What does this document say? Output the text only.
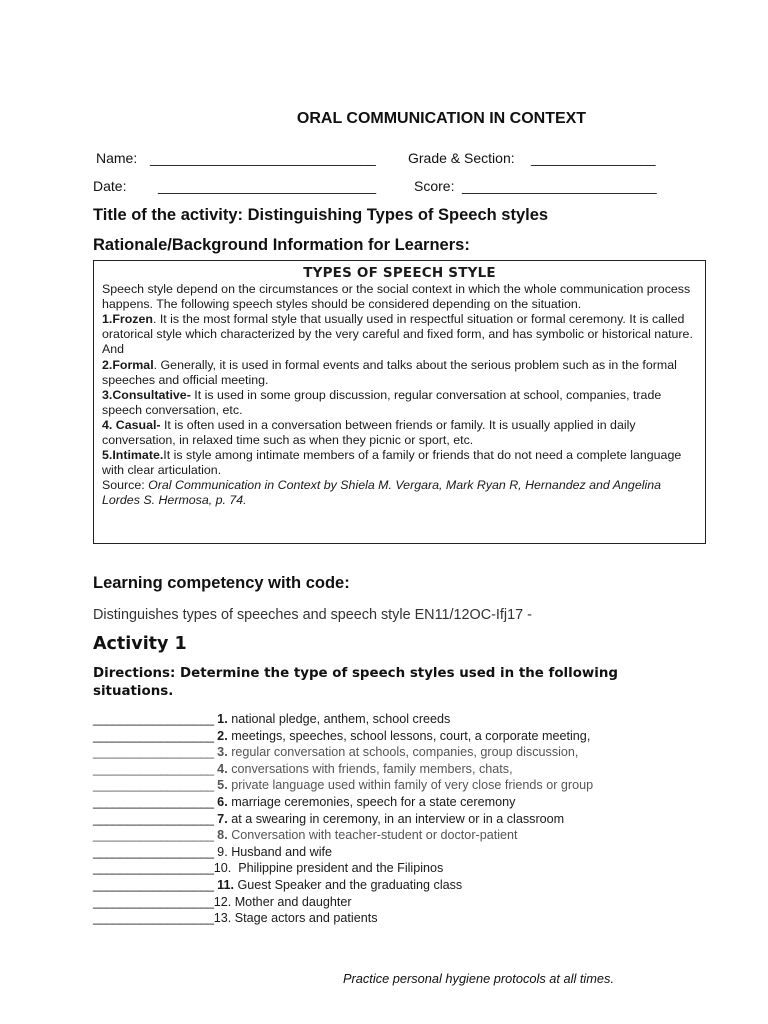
ORAL COMMUNICATION IN CONTEXT
Name: _____________________________ Grade & Section: ________________
Date: ____________________________	Score: _________________________
Title of the activity: Distinguishing Types of Speech styles
Rationale/Background Information for Learners:
TYPES OF SPEECH STYLE

Speech style depend on the circumstances or the social context in which the whole communication process happens. The following speech styles should be considered depending on the situation.

1.Frozen. It is the most formal style that usually used in respectful situation or formal ceremony. It is called oratorical style which characterized by the very careful and fixed form, and has symbolic or historical nature. And

2.Formal. Generally, it is used in formal events and talks about the serious problem such as in the formal speeches and official meeting.

3.Consultative- It is used in some group discussion, regular conversation at school, companies, trade speech conversation, etc.

4. Casual- It is often used in a conversation between friends or family. It is usually applied in daily conversation, in relaxed time such as when they picnic or sport, etc.

5.Intimate.It is style among intimate members of a family or friends that do not need a complete language with clear articulation.

Source: Oral Communication in Context by Shiela M. Vergara, Mark Ryan R, Hernandez and Angelina Lordes S. Hermosa, p. 74.

Learning competency with code:
Distinguishes types of speeches and speech style EN11/12OC-Ifj17 -
Activity 1
Directions: Determine the type of speech styles used in the following situations.
__________________ 1. national pledge, anthem, school creeds
__________________ 2. meetings, speeches, school lessons, court, a corporate meeting,
__________________ 3. regular conversation at schools, companies, group discussion,
__________________ 4. conversations with friends, family members, chats,
__________________ 5. private language used within family of very close friends or group
__________________ 6. marriage ceremonies, speech for a state ceremony
__________________ 7. at a swearing in ceremony, in an interview or in a classroom
__________________ 8. Conversation with teacher-student or doctor-patient
__________________ 9. Husband and wife
__________________10.  Philippine president and the Filipinos
__________________ 11. Guest Speaker and the graduating class
__________________12. Mother and daughter
__________________13. Stage actors and patients
Practice personal hygiene protocols at all times.
